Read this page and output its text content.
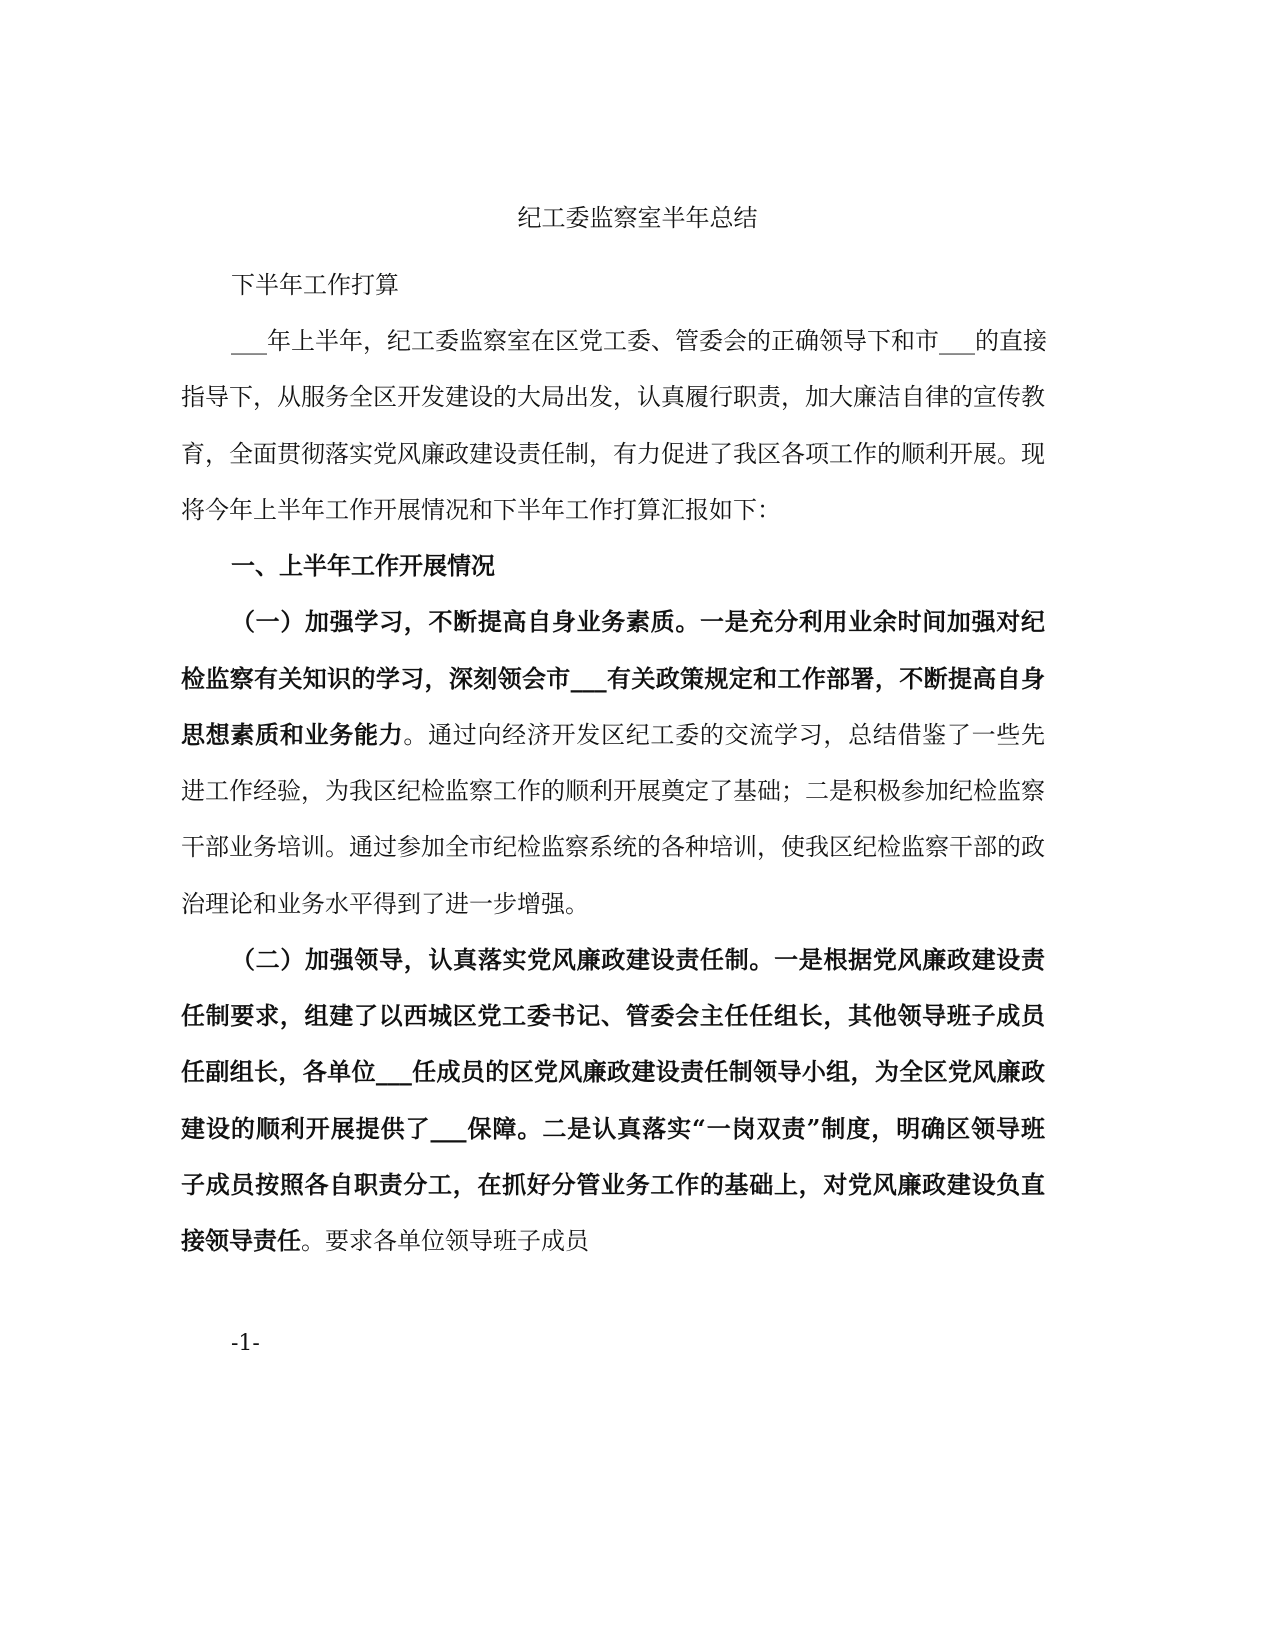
纪工委监察室半年总结
下半年工作打算
___年上半年，纪工委监察室在区党工委、管委会的正确领导下和市___的直接
指导下，从服务全区开发建设的大局出发，认真履行职责，加大廉洁自律的宣传教
育，全面贯彻落实党风廉政建设责任制，有力促进了我区各项工作的顺利开展。现
将今年上半年工作开展情况和下半年工作打算汇报如下：
一、上半年工作开展情况
（一）加强学习，不断提高自身业务素质。一是充分利用业余时间加强对纪
检监察有关知识的学习，深刻领会市___有关政策规定和工作部署，不断提高自身
思想素质和业务能力。通过向经济开发区纪工委的交流学习，总结借鉴了一些先
进工作经验，为我区纪检监察工作的顺利开展奠定了基础；二是积极参加纪检监察
干部业务培训。通过参加全市纪检监察系统的各种培训，使我区纪检监察干部的政
治理论和业务水平得到了进一步增强。
（二）加强领导，认真落实党风廉政建设责任制。一是根据党风廉政建设责
任制要求，组建了以西城区党工委书记、管委会主任任组长，其他领导班子成员
任副组长，各单位___任成员的区党风廉政建设责任制领导小组，为全区党风廉政
建设的顺利开展提供了___保障。二是认真落实“一岗双责”制度，明确区领导班
子成员按照各自职责分工，在抓好分管业务工作的基础上，对党风廉政建设负直
接领导责任。要求各单位领导班子成员
-1-
